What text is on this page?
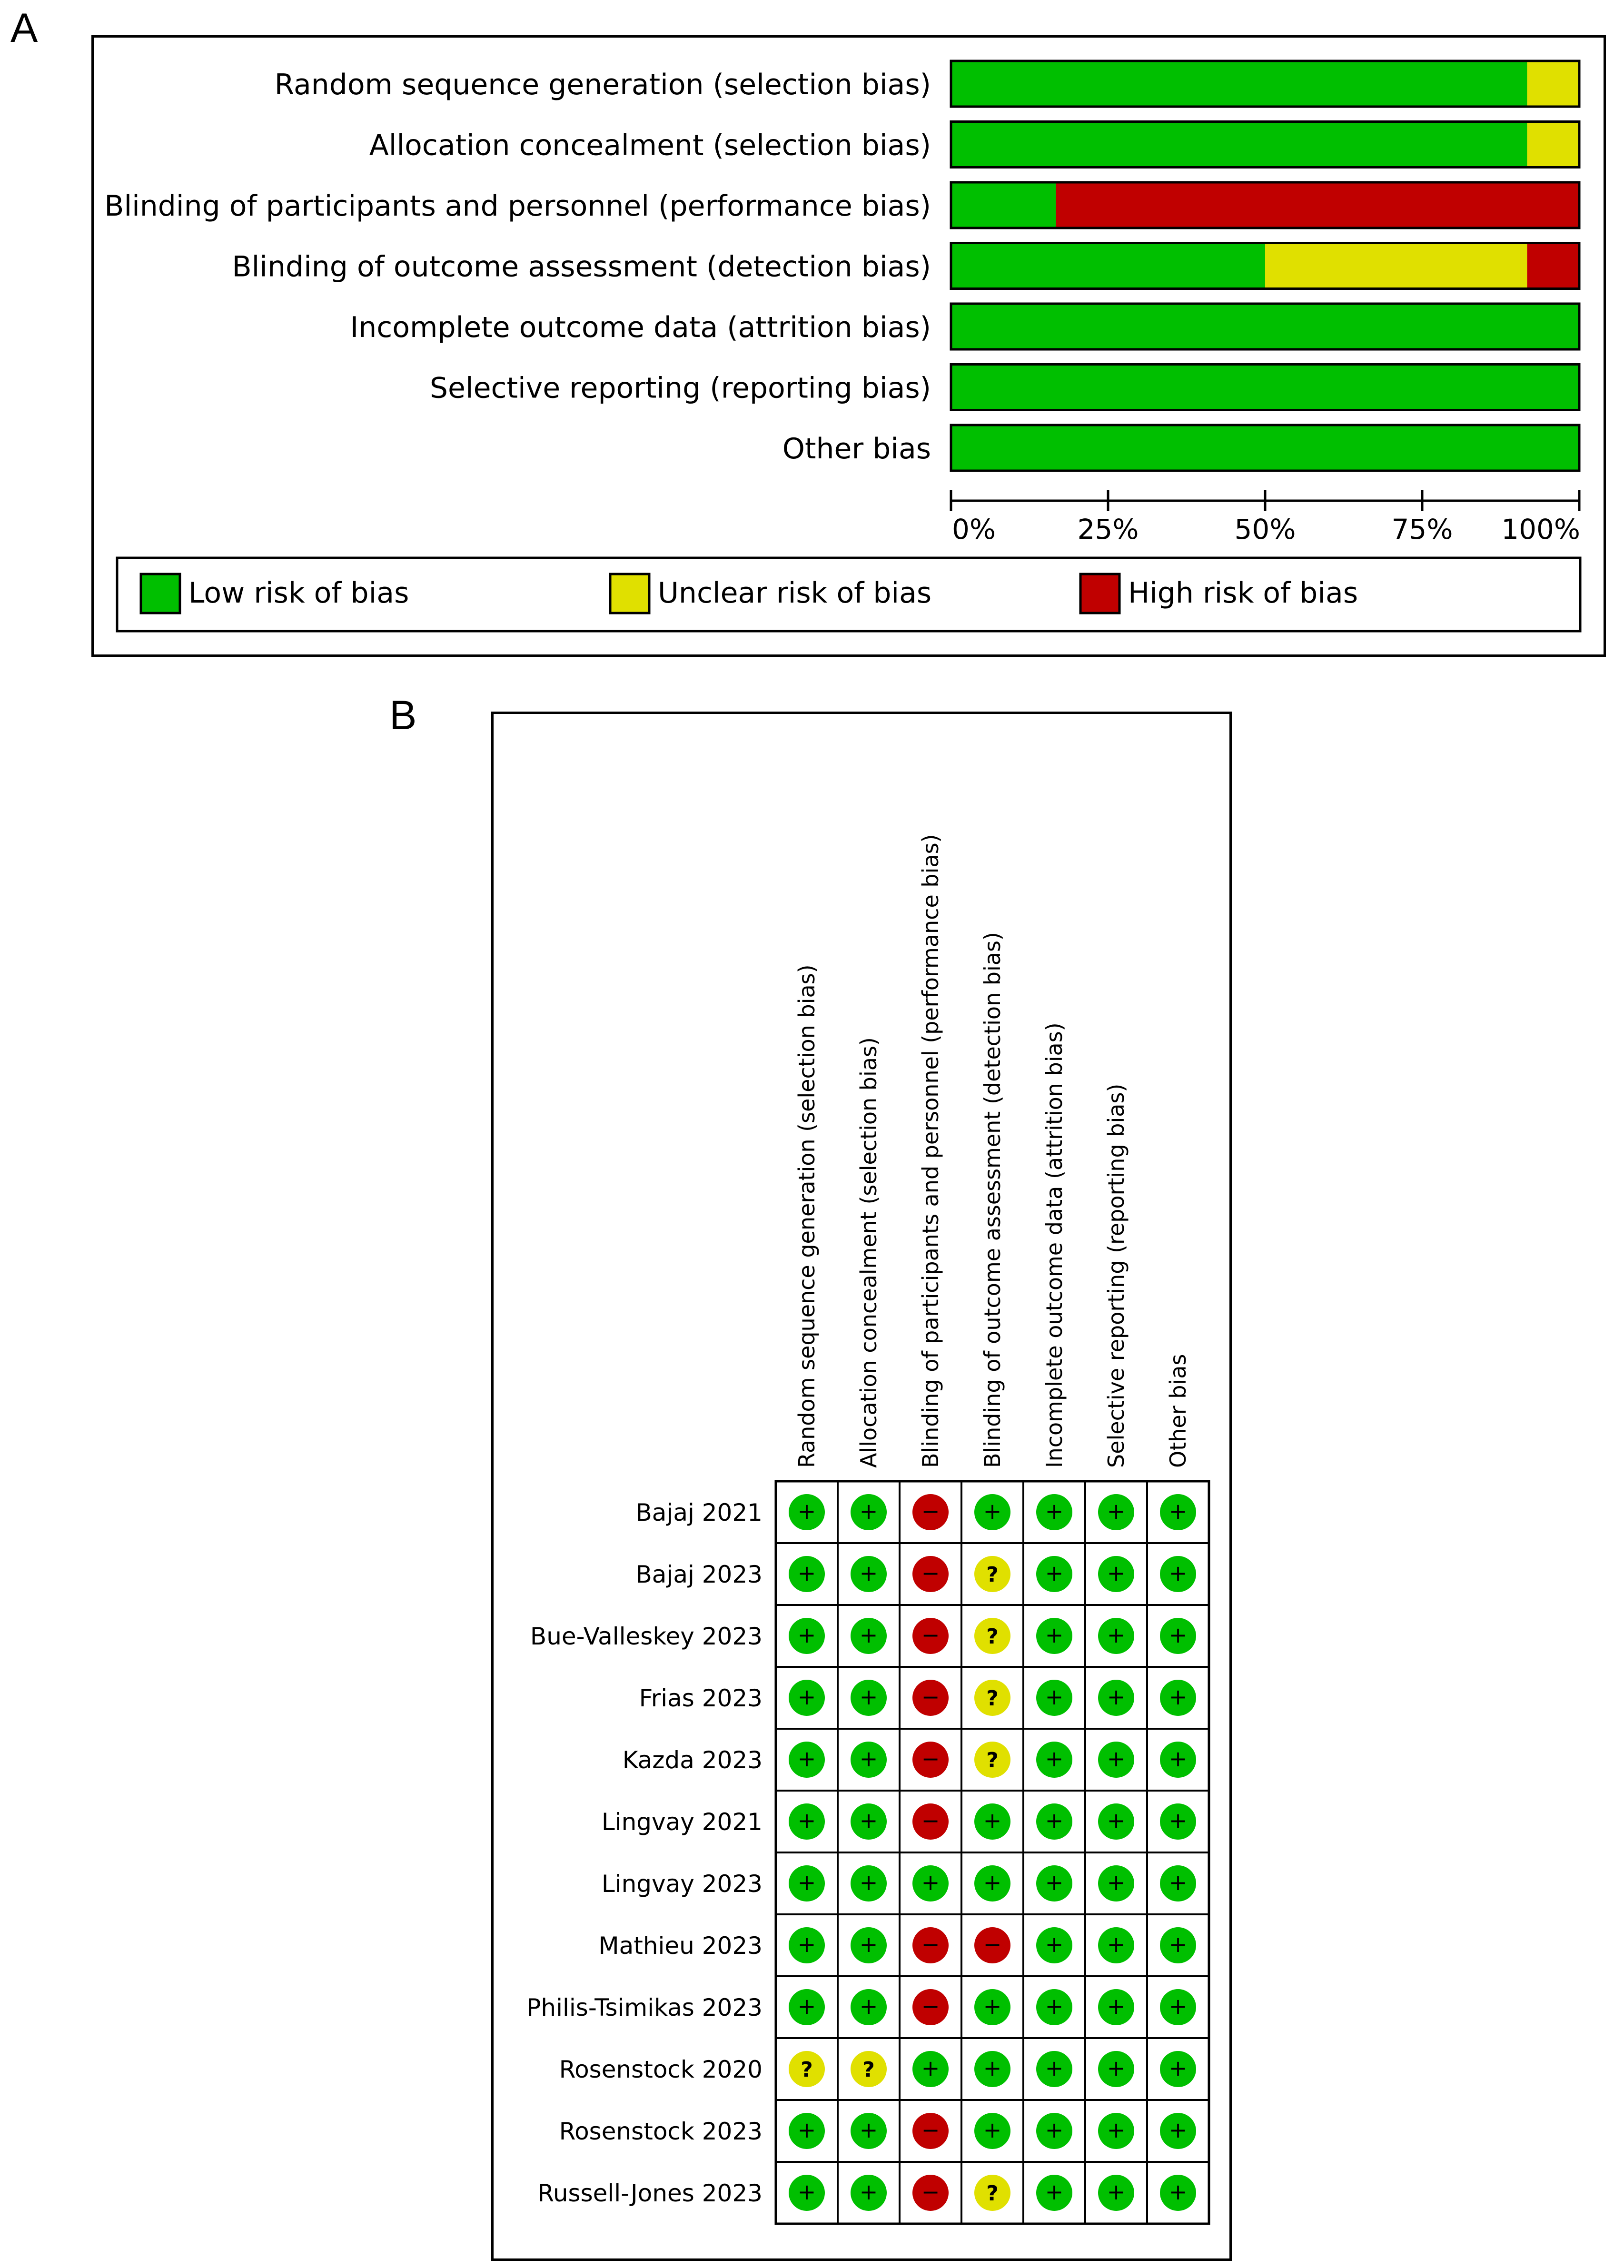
A
B
Random sequence generation (selection bias)
Allocation concealment (selection bias)
Blinding of participants and personnel (performance bias)
Blinding of outcome assessment (detection bias)
Incomplete outcome data (attrition bias)
Selective reporting (reporting bias)
Other bias
0%	25%	50%	75% 100%
Low risk of bias	Unclear risk of bias	High risk of bias
Random sequence generation (selection bias) Allocation concealment (selection bias) Blinding of participants and personnel (performance bias) Blinding of outcome assessment (detection bias) Incomplete outcome data (attrition bias) Selective reporting (reporting bias) Other bias
Bajaj 2021 + + − + + + +
Bajaj 2023 + + − ? + + +
Bue-Valleskey 2023 + + − ? + + +
Frias 2023 + + − ? + + +
Kazda 2023 + + − ? + + +
Lingvay 2021 + + − + + + +
Lingvay 2023 + + + + + + +
Mathieu 2023 + + − − + + +
Philis-Tsimikas 2023 + + − + + + +
Rosenstock 2020 ? ? + + + + +
Rosenstock 2023 + + − + + + +
Russell-Jones 2023 + + − ? + + +
